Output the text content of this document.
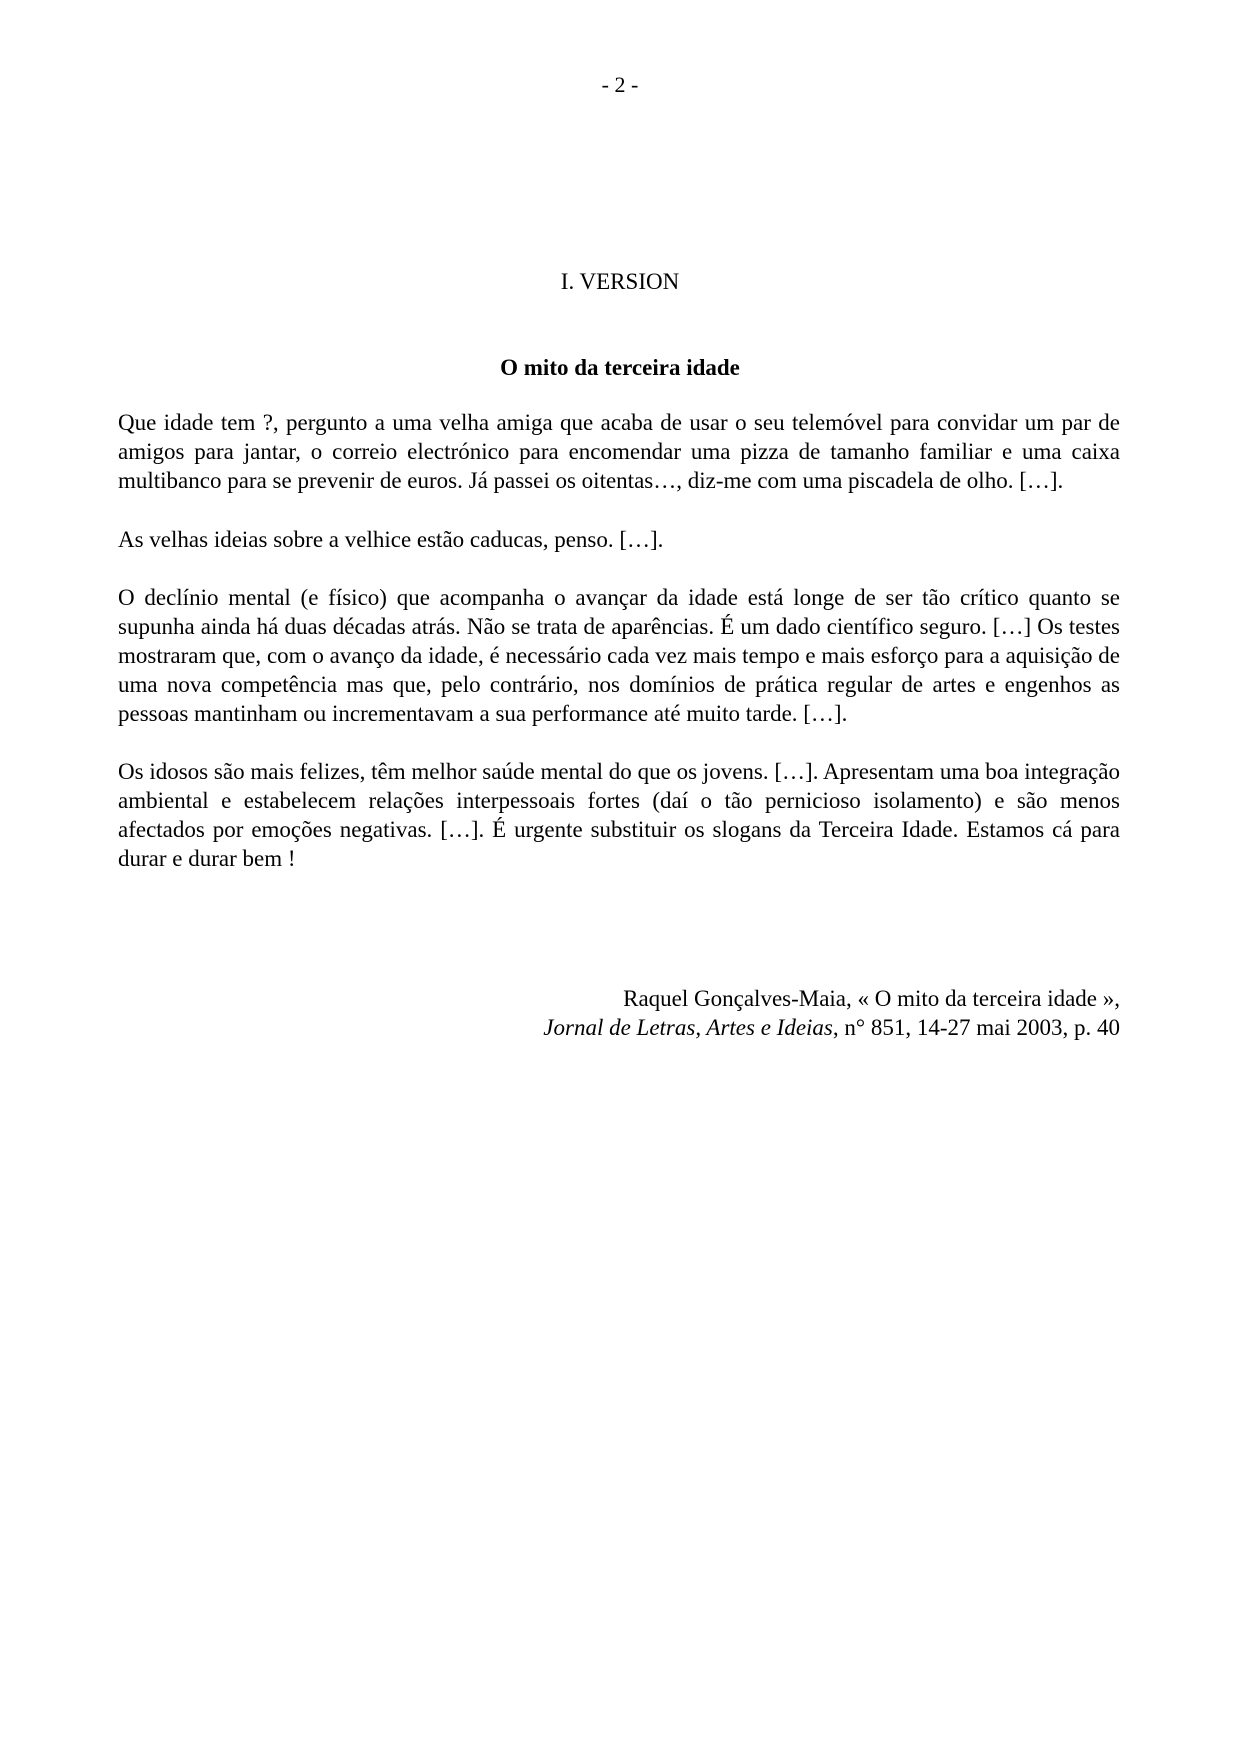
- 2 -
I. VERSION
O mito da terceira idade

Que idade tem ?, pergunto a uma velha amiga que acaba de usar o seu telemóvel para convidar um par de amigos para jantar, o correio electrónico para encomendar uma pizza de tamanho familiar e uma caixa multibanco para se prevenir de euros. Já passei os oitentas…, diz-me com uma piscadela de olho. […].

As velhas ideias sobre a velhice estão caducas, penso. […].

O declínio mental (e físico) que acompanha o avançar da idade está longe de ser tão crítico quanto se supunha ainda há duas décadas atrás. Não se trata de aparências. É um dado científico seguro. […] Os testes mostraram que, com o avanço da idade, é necessário cada vez mais tempo e mais esforço para a aquisição de uma nova competência mas que, pelo contrário, nos domínios de prática regular de artes e engenhos as pessoas mantinham ou incrementavam a sua performance até muito tarde. […].

Os idosos são mais felizes, têm melhor saúde mental do que os jovens. […]. Apresentam uma boa integração ambiental e estabelecem relações interpessoais fortes (daí o tão pernicioso isolamento) e são menos afectados por emoções negativas. […]. É urgente substituir os slogans da Terceira Idade. Estamos cá para durar e durar bem !

Raquel Gonçalves-Maia, « O mito da terceira idade »,
Jornal de Letras, Artes e Ideias, n° 851, 14-27 mai 2003, p. 40
